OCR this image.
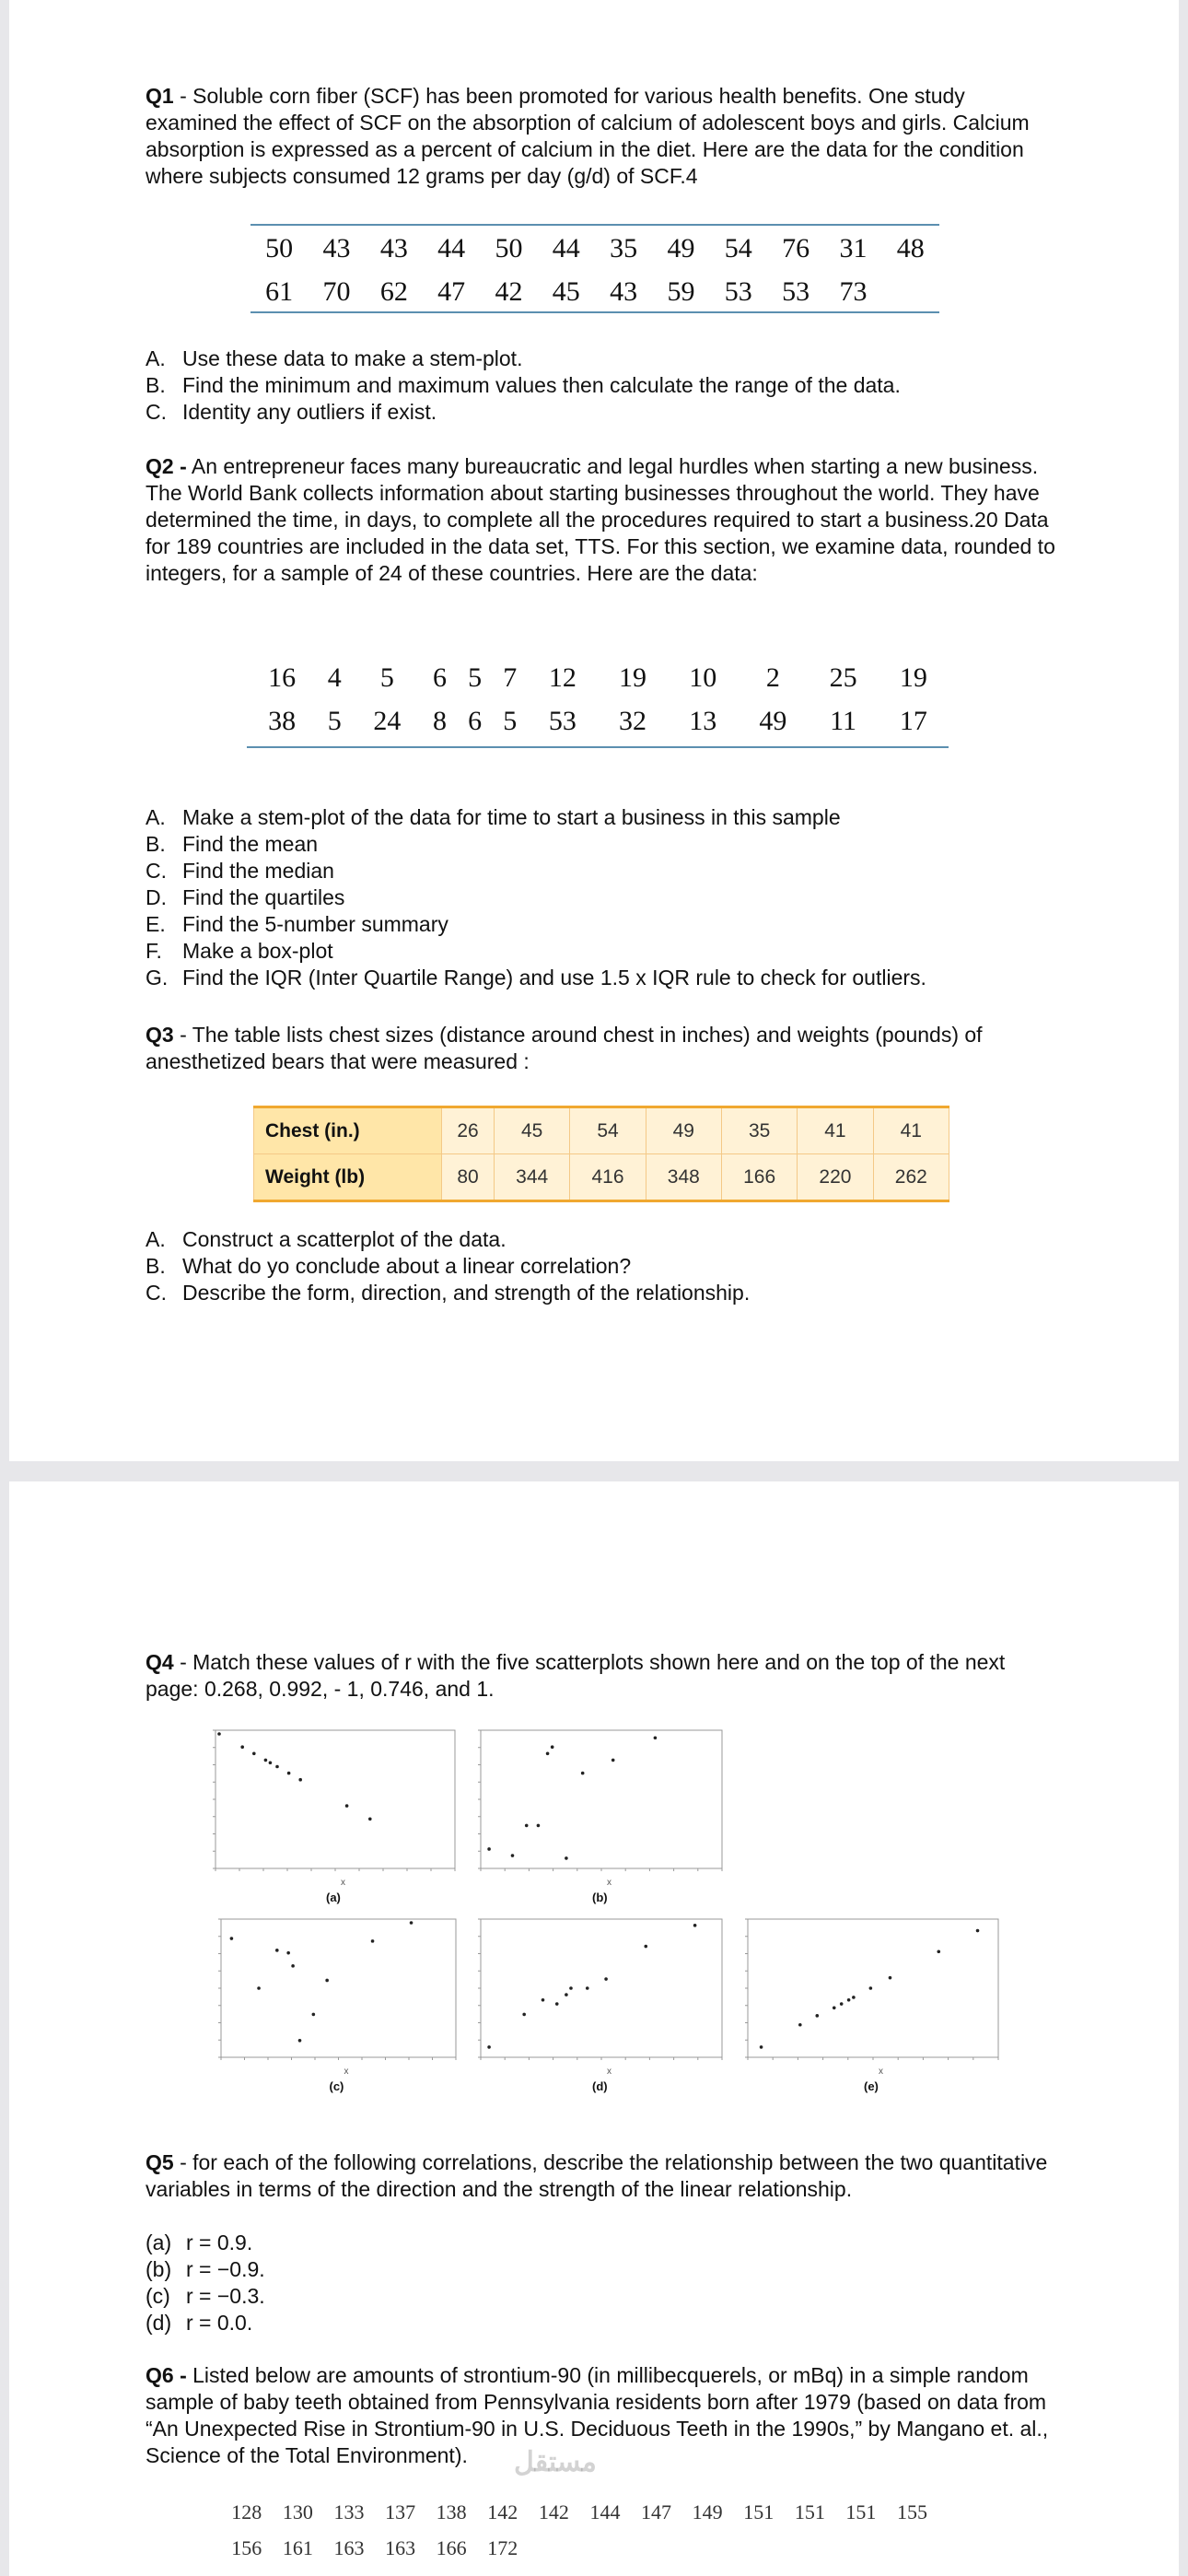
Q1 - Soluble corn fiber (SCF) has been promoted for various health benefits. One study examined the effect of SCF on the absorption of calcium of adolescent boys and girls. Calcium absorption is expressed as a percent of calcium in the diet. Here are the data for the condition where subjects consumed 12 grams per day (g/d) of SCF.4

50	43	43	44	50	44	35	49	54	76	31	48
61	70	62	47	42	45	43	59	53	53	73	
A. Use these data to make a stem-plot.
B. Find the minimum and maximum values then calculate the range of the data.
C. Identity any outliers if exist.

Q2 - An entrepreneur faces many bureaucratic and legal hurdles when starting a new business. The World Bank collects information about starting businesses throughout the world. They have determined the time, in days, to complete all the procedures required to start a business.20 Data for 189 countries are included in the data set, TTS. For this section, we examine data, rounded to integers, for a sample of 24 of these countries. Here are the data:

16	4	5	6	5	7	12	19	10	2	25	19
38	5	24	8	6	5	53	32	13	49	11	17
A. Make a stem-plot of the data for time to start a business in this sample
B. Find the mean
C. Find the median
D. Find the quartiles
E. Find the 5-number summary
F. Make a box-plot
G. Find the IQR (Inter Quartile Range) and use 1.5 x IQR rule to check for outliers.

Q3 - The table lists chest sizes (distance around chest in inches) and weights (pounds) of anesthetized bears that were measured :

Chest (in.)	26	45	54	49	35	41	41
Weight (lb)	80	344	416	348	166	220	262
A. Construct a scatterplot of the data.
B. What do yo conclude about a linear correlation?
C. Describe the form, direction, and strength of the relationship.

Q4 - Match these values of r with the five scatterplots shown here and on the top of the next page: 0.268, 0.992, - 1, 0.746, and 1.

Q5 - for each of the following correlations, describe the relationship between the two quantitative variables in terms of the direction and the strength of the linear relationship.

(a) r = 0.9.
(b) r = −0.9.
(c) r = −0.3.
(d) r = 0.0.

Q6 - Listed below are amounts of strontium-90 (in millibecquerels, or mBq) in a simple random sample of baby teeth obtained from Pennsylvania residents born after 1979 (based on data from “An Unexpected Rise in Strontium-90 in U.S. Deciduous Teeth in the 1990s,” by Mangano et. al., Science of the Total Environment).

128 130 133 137 138 142 142 144 147 149 151 151 151 155
156 161 163 163 166 172
x
(a)
x
(b)
x
(c)
x
(d)
x
(e)
مستقل
